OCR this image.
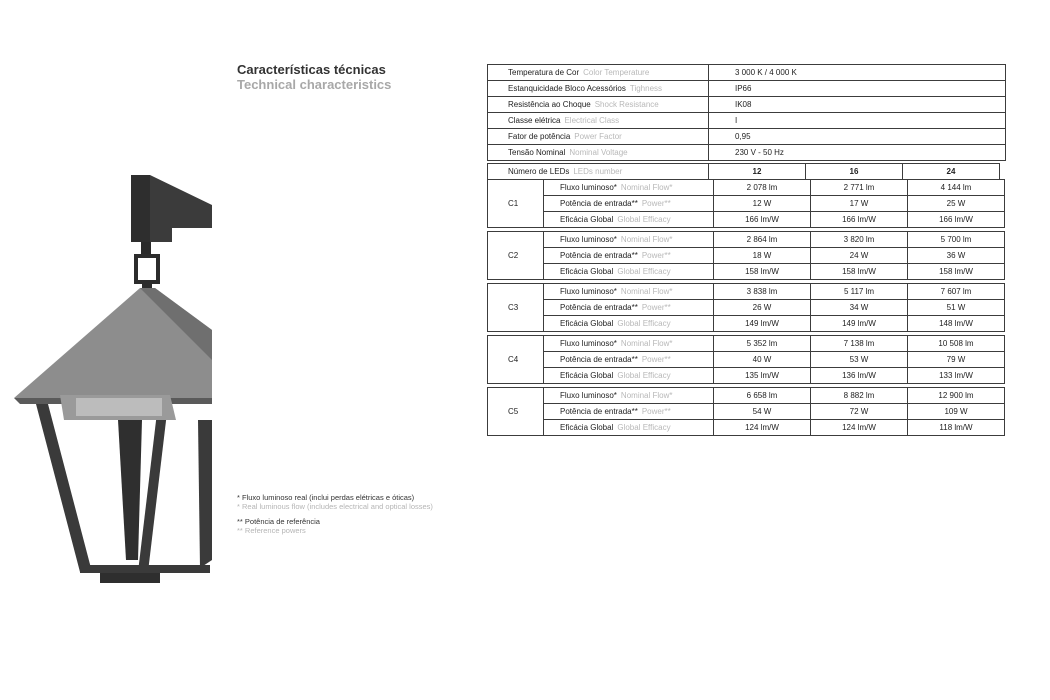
Características técnicas
Technical characteristics
Temperatura de Cor Color Temperature	3 000 K / 4 000 K
Estanquicidade Bloco Acessórios Tighness	IP66
Resistência ao Choque Shock Resistance	IK08
Classe elétrica Electrical Class	I
Fator de potência Power Factor	0,95
Tensão Nominal Nominal Voltage	230 V - 50 Hz
Número de LEDs LEDs number	12	16	24
C1	Fluxo luminoso* Nominal Flow*	2 078 lm	2 771 lm	4 144 lm
	Potência de entrada** Power**	12 W	17 W	25 W
	Eficácia Global Global Efficacy	166 lm/W	166 lm/W	166 lm/W
C2	Fluxo luminoso* Nominal Flow*	2 864 lm	3 820 lm	5 700 lm
	Potência de entrada** Power**	18 W	24 W	36 W
	Eficácia Global Global Efficacy	158 lm/W	158 lm/W	158 lm/W
C3	Fluxo luminoso* Nominal Flow*	3 838 lm	5 117 lm	7 607 lm
	Potência de entrada** Power**	26 W	34 W	51 W
	Eficácia Global Global Efficacy	149 lm/W	149 lm/W	148 lm/W
C4	Fluxo luminoso* Nominal Flow*	5 352 lm	7 138 lm	10 508 lm
	Potência de entrada** Power**	40 W	53 W	79 W
	Eficácia Global Global Efficacy	135 lm/W	136 lm/W	133 lm/W
C5	Fluxo luminoso* Nominal Flow*	6 658 lm	8 882 lm	12 900 lm
	Potência de entrada** Power**	54 W	72 W	109 W
	Eficácia Global Global Efficacy	124 lm/W	124 lm/W	118 lm/W
* Fluxo luminoso real (inclui perdas elétricas e óticas)
* Real luminous flow (includes electrical and optical losses)
** Potência de referência
** Reference powers
